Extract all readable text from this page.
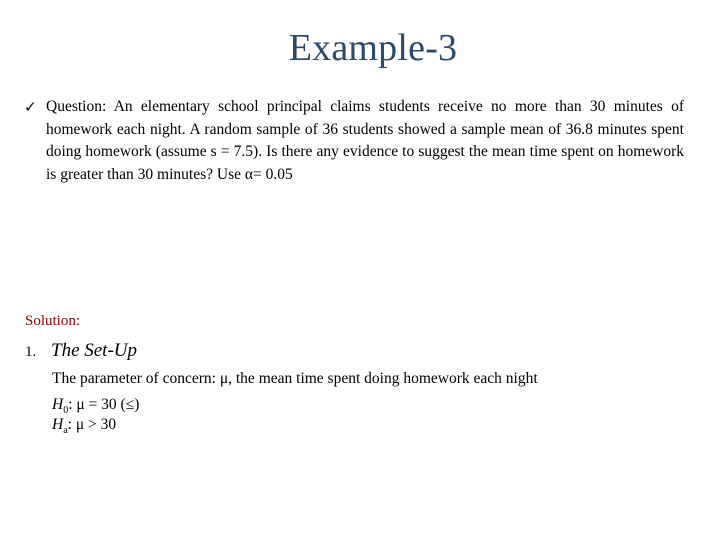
Example-3
✓ Question: An elementary school principal claims students receive no more than 30 minutes of homework each night. A random sample of 36 students showed a sample mean of 36.8 minutes spent doing homework (assume s = 7.5). Is there any evidence to suggest the mean time spent on homework is greater than 30 minutes? Use α= 0.05
Solution:
1. The Set-Up
The parameter of concern: μ, the mean time spent doing homework each night
$H_0$: μ = 30 (≤)
$H_a$: μ > 30
